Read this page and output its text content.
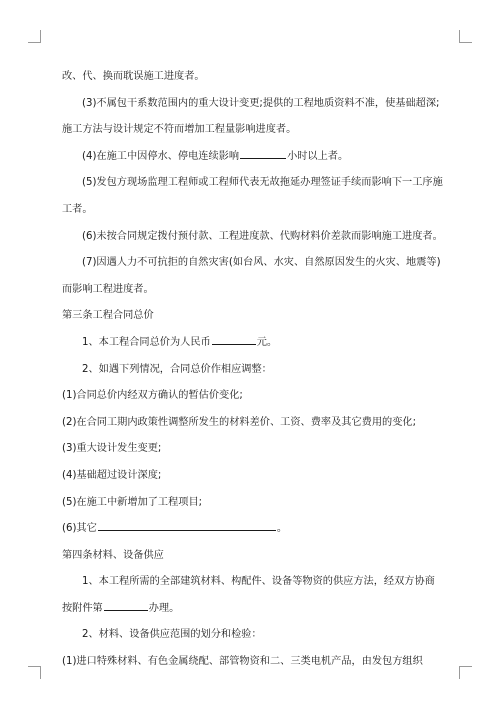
改、代、换而耽误施工进度者。
(3)不属包干系数范围内的重大设计变更;提供的工程地质资料不准，使基础超深;
施工方法与设计规定不符而增加工程量影响进度者。
(4)在施工中因停水、停电连续影响	小时以上者。
(5)发包方现场监理工程师或工程师代表无故拖延办理签证手续而影响下一工序施
工者。
(6)未按合同规定拨付预付款、工程进度款、代购材料价差款而影响施工进度者。
(7)因遇人力不可抗拒的自然灾害(如台风、水灾、自然原因发生的火灾、地震等)
而影响工程进度者。
第三条工程合同总价
1、本工程合同总价为人民币	元。
2、如遇下列情况，合同总价作相应调整：
(1)合同总价内经双方确认的暂估价变化;
(2)在合同工期内政策性调整所发生的材料差价、工资、费率及其它费用的变化;
(3)重大设计发生变更;
(4)基础超过设计深度;
(5)在施工中新增加了工程项目;
(6)其它	。
第四条材料、设备供应
1、本工程所需的全部建筑材料、构配件、设备等物资的供应方法，经双方协商
按附件第	办理。
2、材料、设备供应范围的划分和检验：
(1)进口特殊材料、有色金属绕配、部管物资和二、三类电机产品，由发包方组织
